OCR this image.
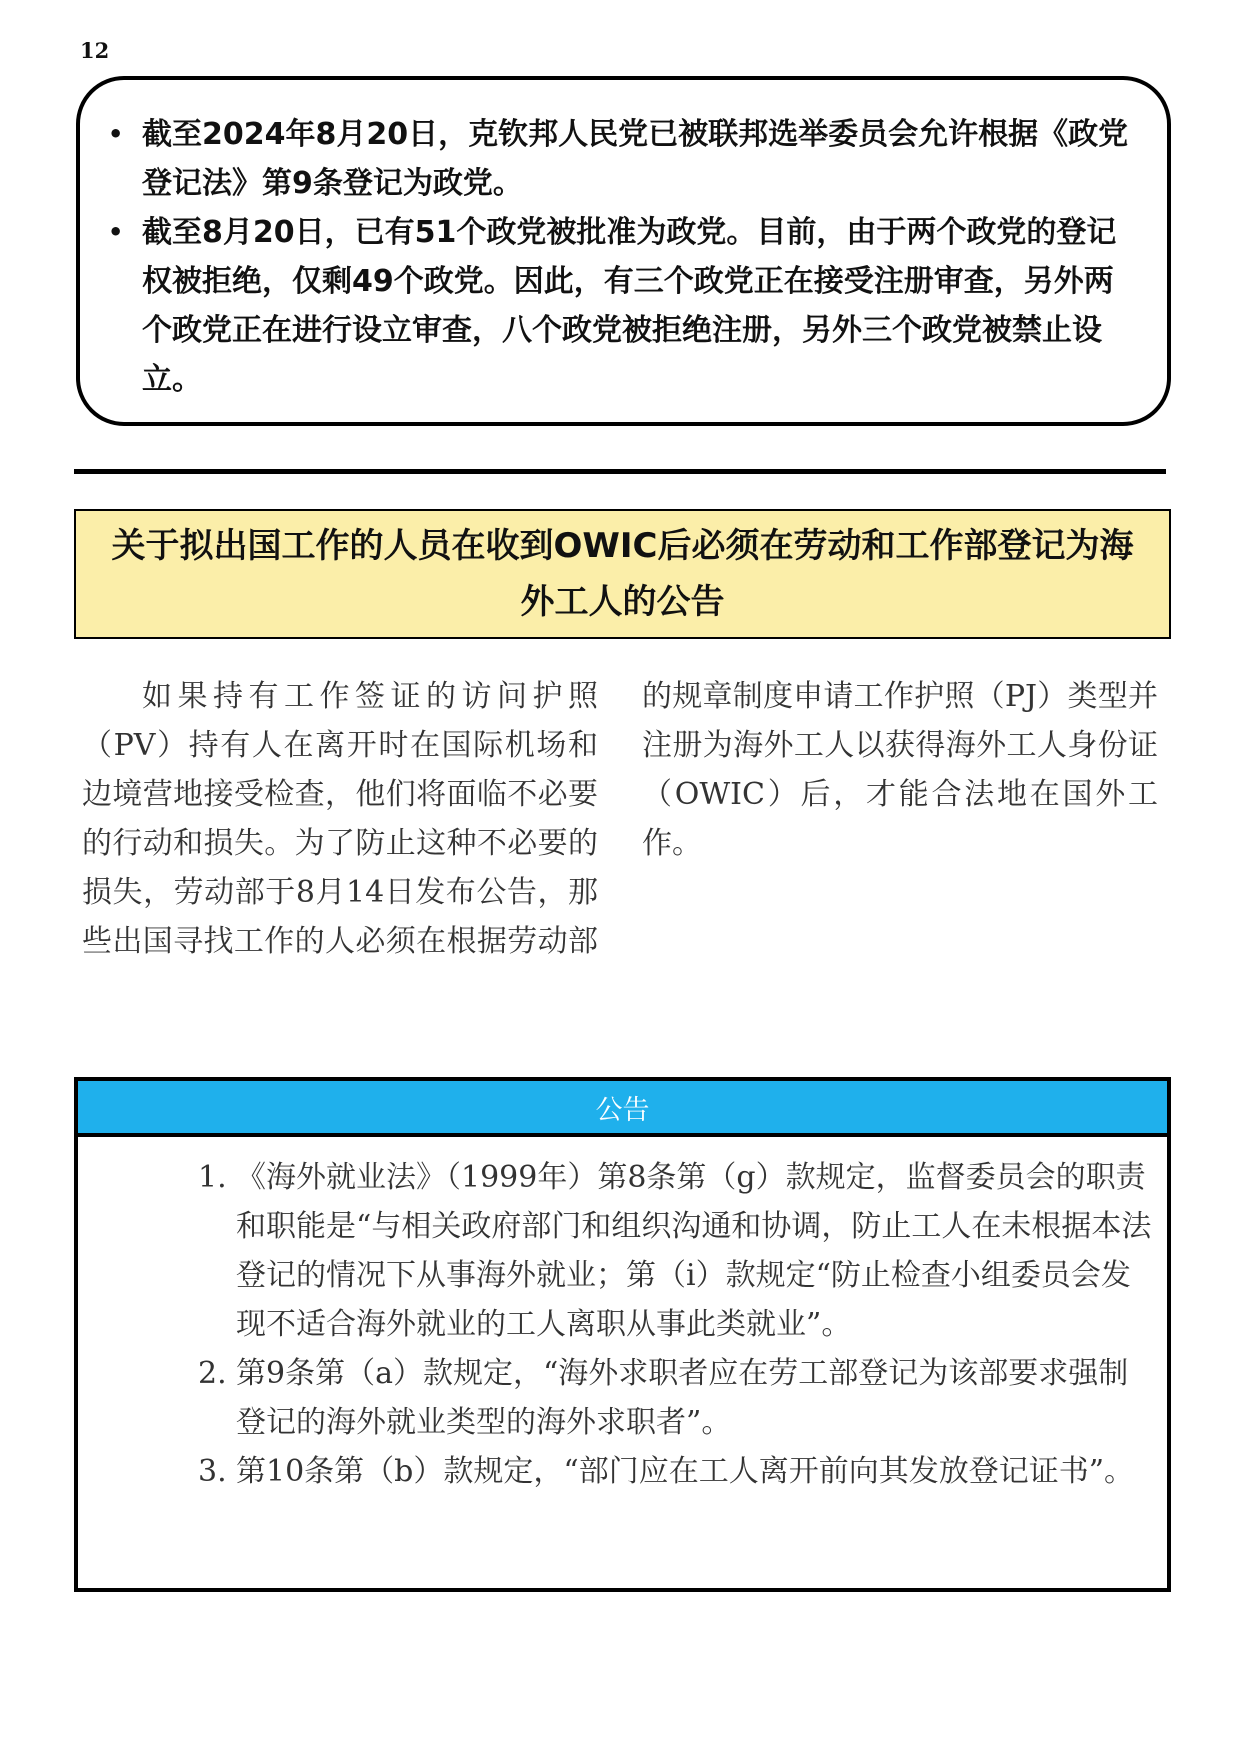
12
• 截至2024年8月20日，克钦邦人民党已被联邦选举委员会允许根据《政党登记法》第9条登记为政党。
• 截至8月20日，已有51个政党被批准为政党。目前，由于两个政党的登记权被拒绝，仅剩49个政党。因此，有三个政党正在接受注册审查，另外两个政党正在进行设立审查，八个政党被拒绝注册，另外三个政党被禁止设立。
关于拟出国工作的人员在收到OWIC后必须在劳动和工作部登记为海外工人的公告

如果持有工作签证的访问护照（PV）持有人在离开时在国际机场和边境营地接受检查，他们将面临不必要的行动和损失。为了防止这种不必要的损失，劳动部于8月14日发布公告，那些出国寻找工作的人必须在根据劳动部的规章制度申请工作护照（PJ）类型并注册为海外工人以获得海外工人身份证（OWIC）后，才能合法地在国外工作。

公告
1. 《海外就业法》（1999年）第8条第（g）款规定，监督委员会的职责和职能是“与相关政府部门和组织沟通和协调，防止工人在未根据本法登记的情况下从事海外就业；第（i）款规定“防止检查小组委员会发现不适合海外就业的工人离职从事此类就业”。
2. 第9条第（a）款规定，“海外求职者应在劳工部登记为该部要求强制登记的海外就业类型的海外求职者”。
3. 第10条第（b）款规定，“部门应在工人离开前向其发放登记证书”。
